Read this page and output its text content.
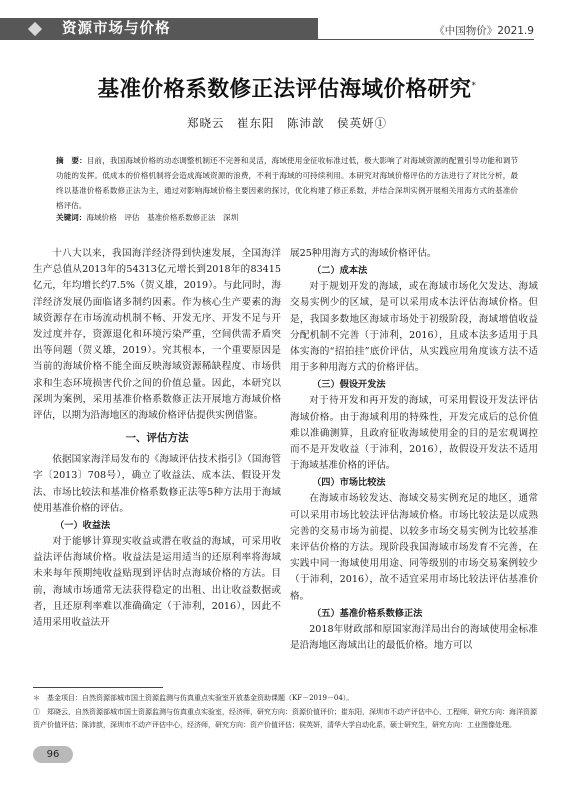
资源市场与价格	《中国物价》2021.9
基准价格系数修正法评估海域价格研究*
郑晓云　崔东阳　陈沛歆　侯英妍①
摘　要：目前，我国海域价格的动态调整机制还不完善和灵活，海域使用金征收标准过低，极大影响了对海域资源的配置引导功能和调节功能的发挥。低成本的价格机制将会造成海域资源的浪费，不利于海域的可持续利用。本研究对海域价格评估的方法进行了对比分析，最终以基准价格系数修正法为主，通过对影响海域价格主要因素的探讨，优化构建了修正系数，并结合深圳实例开展相关用海方式的基准价格评估。
关键词：海域价格　评估　基准价格系数修正法　深圳

十八大以来，我国海洋经济得到快速发展，全国海洋生产总值从2013年的54313亿元增长到2018年的83415亿元，年均增长约7.5%（贺义雄，2019）。与此同时，海洋经济发展仍面临诸多制约因素。作为核心生产要素的海域资源存在市场流动机制不畅、开发无序、开发不足与开发过度并存，资源退化和环境污染严重，空间供需矛盾突出等问题（贺义雄，2019）。究其根本，一个重要原因是当前的海域价格不能全面反映海域资源稀缺程度、市场供求和生态环境损害代价之间的价值总量。因此，本研究以深圳为案例，采用基准价格系数修正法开展地方海域价格评估，以期为沿海地区的海域价格评估提供实例借鉴。

一、评估方法

依据国家海洋局发布的《海域评估技术指引》（国海管字〔2013〕708号），确立了收益法、成本法、假设开发法、市场比较法和基准价格系数修正法等5种方法用于海域使用基准价格的评估。

（一）收益法

对于能够计算现实收益或潜在收益的海域，可采用收益法评估海域价格。收益法是运用适当的还原利率将海域未来每年预期纯收益贴现到评估时点海域价格的方法。目前，海域市场通常无法获得稳定的出租、出让收益数据或者，且还原利率难以准确确定（于沛利，2016），因此不适用采用收益法开

展25种用海方式的海域价格评估。

（二）成本法

对于规划开发的海域，或在海域市场化欠发达、海域交易实例少的区域，是可以采用成本法评估海域价格。但是，我国多数地区海域市场处于初级阶段，海域增值收益分配机制不完善（于沛利，2016），且成本法多适用于具体实海的“招拍挂”底价评估，从实践应用角度该方法不适用于多种用海方式的价格评估。

（三）假设开发法

对于待开发和再开发的海域，可采用假设开发法评估海域价格。由于海域利用的特殊性，开发完成后的总价值难以准确测算，且政府征收海域使用金的目的是宏观调控而不是开发收益（于沛利，2016），故假设开发法不适用于海域基准价格的评估。

（四）市场比较法

在海域市场较发达、海域交易实例充足的地区，通常可以采用市场比较法评估海域价格。市场比较法是以成熟完善的交易市场为前提、以较多市场交易实例为比较基准来评估价格的方法。现阶段我国海域市场发育不完善，在实践中同一海域使用用途、同等级别的市场交易案例较少（于沛利，2016），故不适宜采用市场比较法评估基准价格。

（五）基准价格系数修正法

2018年财政部和原国家海洋局出台的海域使用金标准是沿海地区海域出让的最低价格。地方可以

＊　基金项目：自然资源部城市国土资源监测与仿真重点实验室开放基金资助课题（KF－2019－04）。

①　郑晓云，自然资源部城市国土资源监测与仿真重点实验室，经济师，研究方向：资源价值评价；崔东阳，深圳市不动产评估中心，工程师，研究方向：海洋资源资产价值评估；陈沛歆，深圳市不动产评估中心，经济师，研究方向：资产价值评估；侯英妍，清华大学自动化系，硕士研究生，研究方向：工业图像处理。

96
